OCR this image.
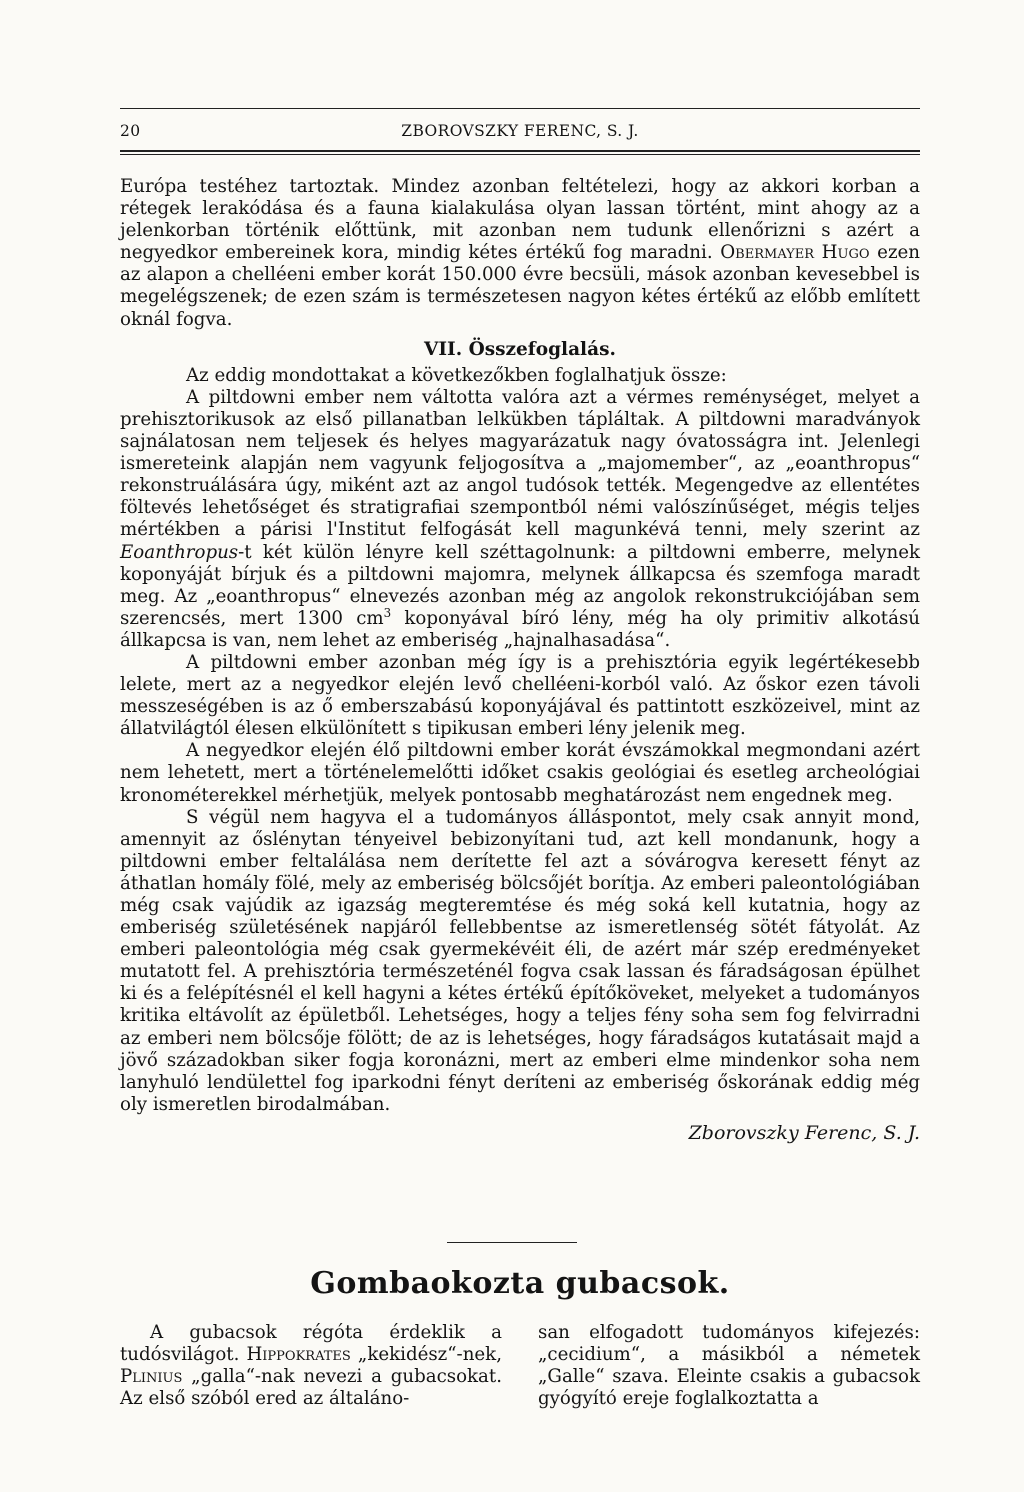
20	ZBOROVSZKY FERENC, S. J.

Európa testéhez tartoztak. Mindez azonban feltételezi, hogy az akkori korban a rétegek lerakódása és a fauna kialakulása olyan lassan történt, mint ahogy az a jelenkorban történik előttünk, mit azonban nem tudunk ellenőrizni s azért a negyedkor embereinek kora, mindig kétes értékű fog maradni. Obermayer Hugo ezen az alapon a chelléeni ember korát 150.000 évre becsüli, mások azonban kevesebbel is megelégszenek; de ezen szám is természetesen nagyon kétes értékű az előbb említett oknál fogva.

VII. Összefoglalás.

Az eddig mondottakat a következőkben foglalhatjuk össze:

A piltdowni ember nem váltotta valóra azt a vérmes reménységet, melyet a prehisztorikusok az első pillanatban lelkükben tápláltak. A piltdowni maradványok sajnálatosan nem teljesek és helyes magyarázatuk nagy óvatosságra int. Jelenlegi ismereteink alapján nem vagyunk feljogosítva a „majomember“, az „eoanthropus“ rekonstruálására úgy, miként azt az angol tudósok tették. Megengedve az ellentétes föltevés lehetőséget és stratigrafiai szempontból némi valószínűséget, mégis teljes mértékben a párisi l'Institut felfogását kell magunkévá tenni, mely szerint az Eoanthropus-t két külön lényre kell széttagolnunk: a piltdowni emberre, melynek koponyáját bírjuk és a piltdowni majomra, melynek állkapcsa és szemfoga maradt meg. Az „eoanthropus“ elnevezés azonban még az angolok rekonstrukciójában sem szerencsés, mert 1300 $cm^3$ koponyával bíró lény, még ha oly primitiv alkotású állkapcsa is van, nem lehet az emberiség „hajnalhasadása“.

A piltdowni ember azonban még így is a prehisztória egyik legértékesebb lelete, mert az a negyedkor elején levő chelléeni-korból való. Az őskor ezen távoli messzeségében is az ő emberszabású koponyájával és pattintott eszközeivel, mint az állatvilágtól élesen elkülönített s tipikusan emberi lény jelenik meg.

A negyedkor elején élő piltdowni ember korát évszámokkal megmondani azért nem lehetett, mert a történelemelőtti időket csakis geológiai és esetleg archeológiai kronométerekkel mérhetjük, melyek pontosabb meghatározást nem engednek meg.

S végül nem hagyva el a tudományos álláspontot, mely csak annyit mond, amennyit az őslénytan tényeivel bebizonyítani tud, azt kell mondanunk, hogy a piltdowni ember feltalálása nem derítette fel azt a sóvárogva keresett fényt az áthatlan homály fölé, mely az emberiség bölcsőjét borítja. Az emberi paleontológiában még csak vajúdik az igazság megteremtése és még soká kell kutatnia, hogy az emberiség születésének napjáról fellebbentse az ismeretlenség sötét fátyolát. Az emberi paleontológia még csak gyermekévéit éli, de azért már szép eredményeket mutatott fel. A prehisztória természeténél fogva csak lassan és fáradságosan épülhet ki és a felépítésnél el kell hagyni a kétes értékű építőköveket, melyeket a tudományos kritika eltávolít az épületből. Lehetséges, hogy a teljes fény soha sem fog felvirradni az emberi nem bölcsője fölött; de az is lehetséges, hogy fáradságos kutatásait majd a jövő századokban siker fogja koronázni, mert az emberi elme mindenkor soha nem lanyhuló lendülettel fog iparkodni fényt deríteni az emberiség őskorának eddig még oly ismeretlen birodalmában.

Zborovszky Ferenc, S. J.
Gombaokozta gubacsok.

A gubacsok régóta érdeklik a tudósvilágot. Hippokrates „kekidész“-nek, Plinius „galla“-nak nevezi a gubacsokat. Az első szóból ered az általáno-

san elfogadott tudományos kifejezés: „cecidium“, a másikból a németek „Galle“ szava. Eleinte csakis a gubacsok gyógyító ereje foglalkoztatta a
